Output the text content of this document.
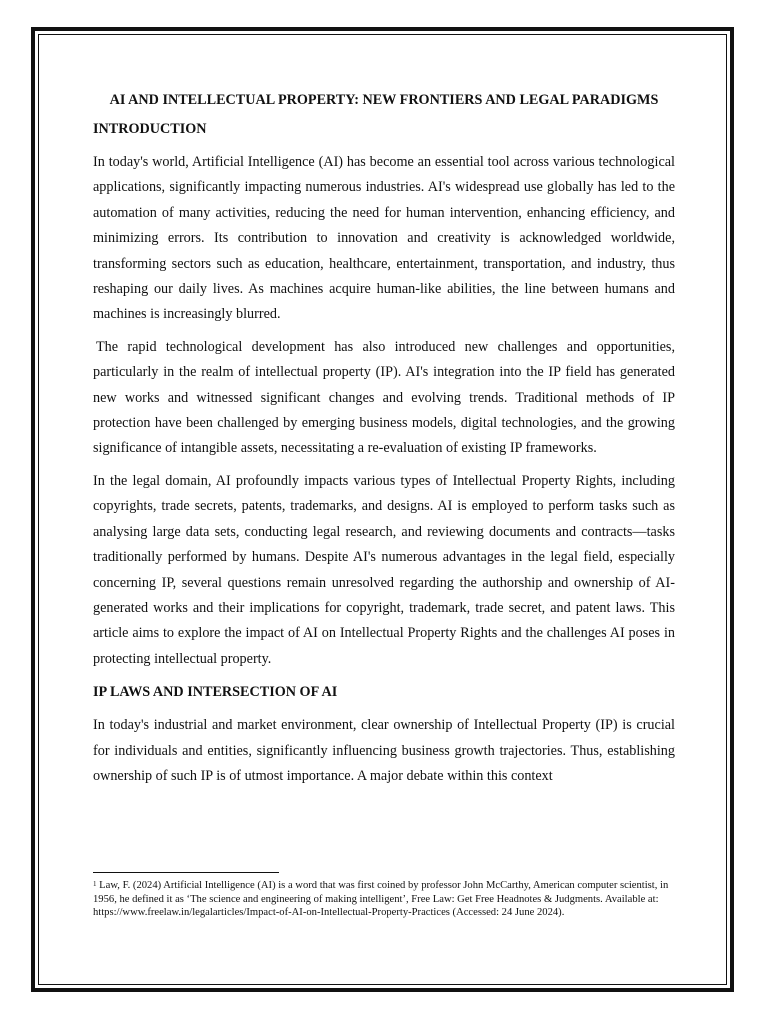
AI AND INTELLECTUAL PROPERTY: NEW FRONTIERS AND LEGAL PARADIGMS
INTRODUCTION

In today's world, Artificial Intelligence (AI) has become an essential tool across various technological applications, significantly impacting numerous industries. AI's widespread use globally has led to the automation of many activities, reducing the need for human intervention, enhancing efficiency, and minimizing errors. Its contribution to innovation and creativity is acknowledged worldwide, transforming sectors such as education, healthcare, entertainment, transportation, and industry, thus reshaping our daily lives. As machines acquire human-like abilities, the line between humans and machines is increasingly blurred.

The rapid technological development has also introduced new challenges and opportunities, particularly in the realm of intellectual property (IP). AI's integration into the IP field has generated new works and witnessed significant changes and evolving trends. Traditional methods of IP protection have been challenged by emerging business models, digital technologies, and the growing significance of intangible assets, necessitating a re-evaluation of existing IP frameworks.

In the legal domain, AI profoundly impacts various types of Intellectual Property Rights, including copyrights, trade secrets, patents, trademarks, and designs. AI is employed to perform tasks such as analysing large data sets, conducting legal research, and reviewing documents and contracts—tasks traditionally performed by humans. Despite AI's numerous advantages in the legal field, especially concerning IP, several questions remain unresolved regarding the authorship and ownership of AI-generated works and their implications for copyright, trademark, trade secret, and patent laws. This article aims to explore the impact of AI on Intellectual Property Rights and the challenges AI poses in protecting intellectual property.

IP LAWS AND INTERSECTION OF AI

In today's industrial and market environment, clear ownership of Intellectual Property (IP) is crucial for individuals and entities, significantly influencing business growth trajectories. Thus, establishing ownership of such IP is of utmost importance. A major debate within this context

$^1$ Law, F. (2024) Artificial Intelligence (AI) is a word that was first coined by professor John McCarthy, American computer scientist, in 1956, he defined it as ‘The science and engineering of making intelligent’, Free Law: Get Free Headnotes & Judgments. Available at: https://www.freelaw.in/legalarticles/Impact-of-AI-on-Intellectual-Property-Practices (Accessed: 24 June 2024).
